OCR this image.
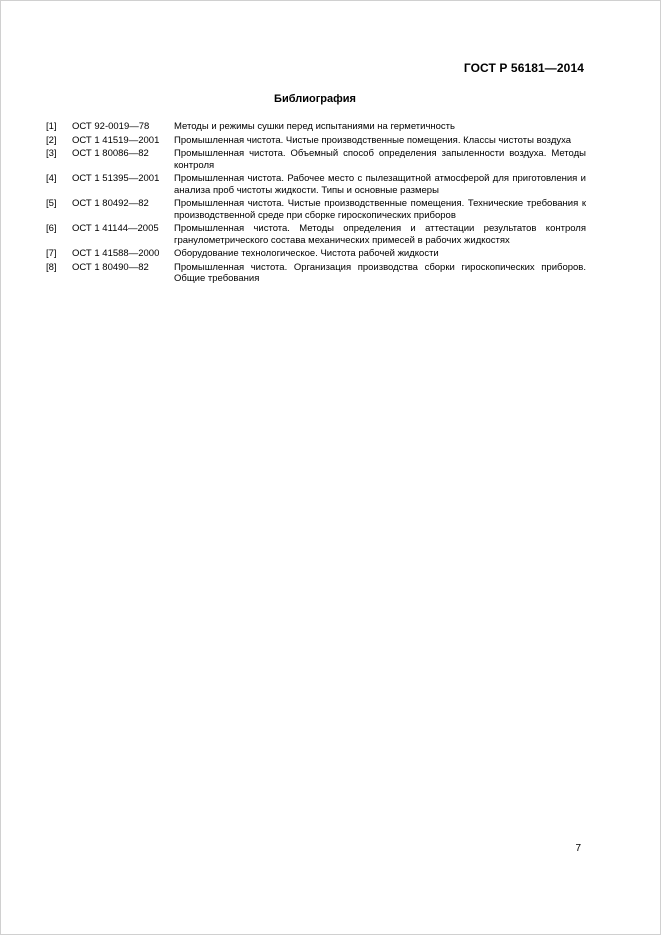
ГОСТ Р 56181—2014
Библиография
[1]	ОСТ 92-0019—78	Методы и режимы сушки перед испытаниями на герметичность
[2]	ОСТ 1 41519—2001	Промышленная чистота. Чистые производственные помещения. Классы чистоты воздуха
[3]	ОСТ 1 80086—82	Промышленная чистота. Объемный способ определения запыленности воздуха. Методы контроля
[4]	ОСТ 1 51395—2001	Промышленная чистота. Рабочее место с пылезащитной атмосферой для приготовления и анализа проб чистоты жидкости. Типы и основные размеры
[5]	ОСТ 1 80492—82	Промышленная чистота. Чистые производственные помещения. Технические требования к производственной среде при сборке гироскопических приборов
[6]	ОСТ 1 41144—2005	Промышленная чистота. Методы определения и аттестации результатов контроля гранулометрического состава механических примесей в рабочих жидкостях
[7]	ОСТ 1 41588—2000	Оборудование технологическое. Чистота рабочей жидкости
[8]	ОСТ 1 80490—82	Промышленная чистота. Организация производства сборки гироскопических приборов. Общие требования
7
